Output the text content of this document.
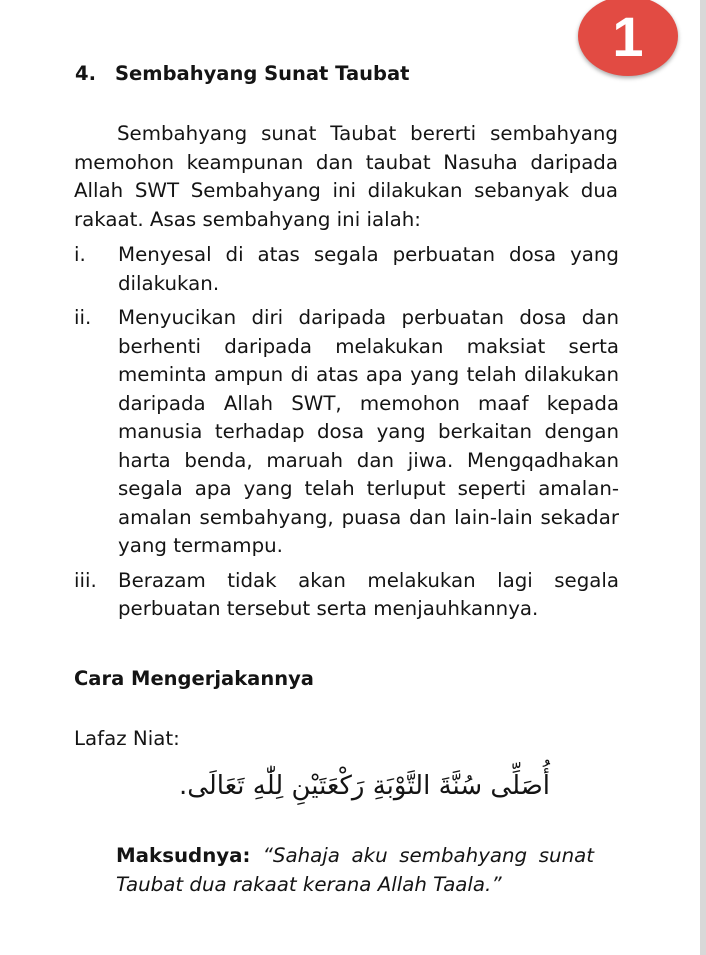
1
4. Sembahyang Sunat Taubat

Sembahyang sunat Taubat bererti sembahyang memohon keampunan dan taubat Nasuha daripada Allah SWT Sembahyang ini dilakukan sebanyak dua rakaat. Asas sembahyang ini ialah:

i. Menyesal di atas segala perbuatan dosa yang dilakukan.
ii. Menyucikan diri daripada perbuatan dosa dan berhenti daripada melakukan maksiat serta meminta ampun di atas apa yang telah dilakukan daripada Allah SWT, memohon maaf kepada manusia terhadap dosa yang berkaitan dengan harta benda, maruah dan jiwa. Mengqadhakan segala apa yang telah terluput seperti amalan-amalan sembahyang, puasa dan lain-lain sekadar yang termampu.
iii. Berazam tidak akan melakukan lagi segala perbuatan tersebut serta menjauhkannya.
Cara Mengerjakannya

Lafaz Niat:

أُصَلِّى سُنَّةَ التَّوْبَةِ رَكْعَتَيْنِ لِلّٰهِ تَعَالَى.

Maksudnya: “Sahaja aku sembahyang sunat Taubat dua rakaat kerana Allah Taala.”
